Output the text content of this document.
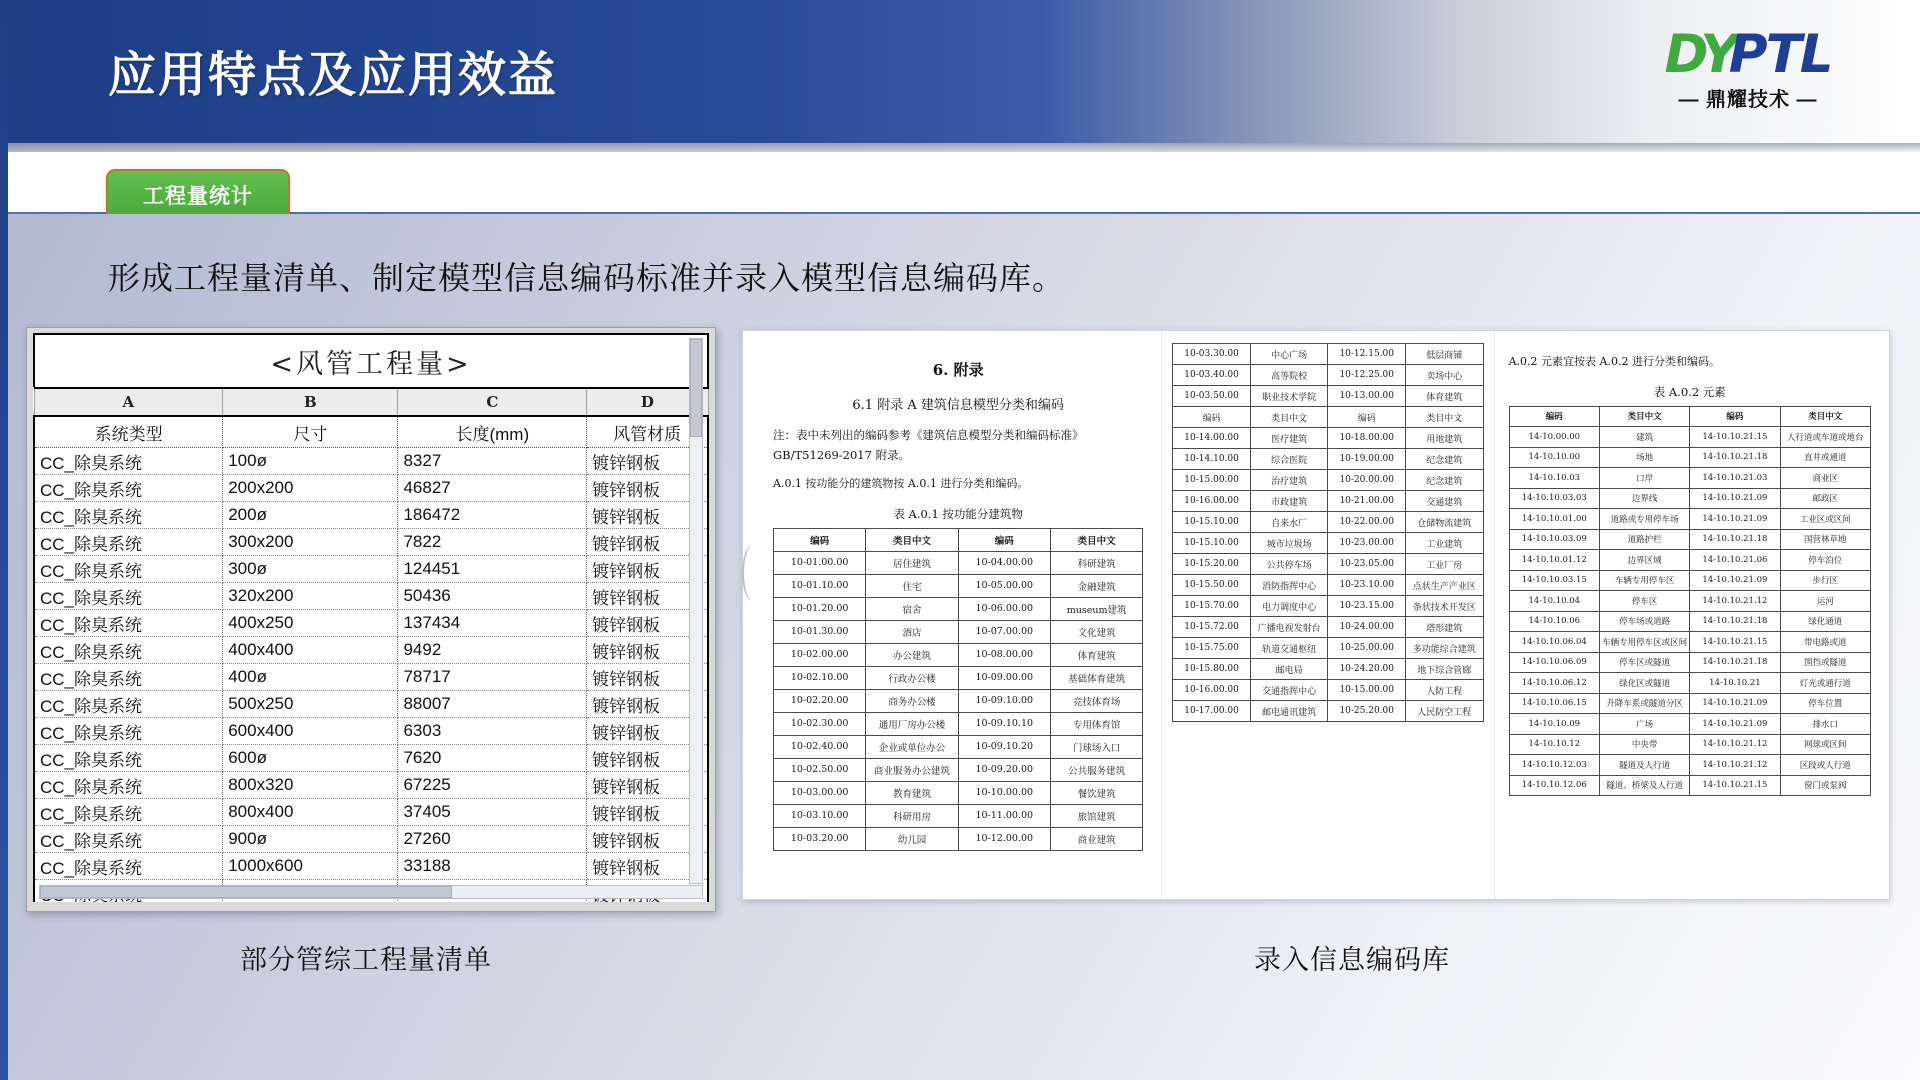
应用特点及应用效益	DY
PTL
— 鼎耀技术 —
工程量统计
形成工程量清单、制定模型信息编码标准并录入模型信息编码库。
<风管工程量>
A	B	C	D
系统类型	尺寸	长度(mm)	风管材质
CC_除臭系统	100ø	8327	镀锌钢板
CC_除臭系统	200x200	46827	镀锌钢板
CC_除臭系统	200ø	186472	镀锌钢板
CC_除臭系统	300x200	7822	镀锌钢板
CC_除臭系统	300ø	124451	镀锌钢板
CC_除臭系统	320x200	50436	镀锌钢板
CC_除臭系统	400x250	137434	镀锌钢板
CC_除臭系统	400x400	9492	镀锌钢板
CC_除臭系统	400ø	78717	镀锌钢板
CC_除臭系统	500x250	88007	镀锌钢板
CC_除臭系统	600x400	6303	镀锌钢板
CC_除臭系统	600ø	7620	镀锌钢板
CC_除臭系统	800x320	67225	镀锌钢板
CC_除臭系统	800x400	37405	镀锌钢板
CC_除臭系统	900ø	27260	镀锌钢板
CC_除臭系统	1000x600	33188	镀锌钢板

6. 附录
6.1 附录 A 建筑信息模型分类和编码
注：表中未列出的编码参考《建筑信息模型分类和编码标准》GB/T51269-2017 附录。
A.0.1 按功能分的建筑物按 A.0.1 进行分类和编码。
表 A.0.1 按功能分建筑物
编码	类目中文	编码	类目中文
10-01.00.00	居住建筑	10-04.00.00	科研建筑
10-01.10.00	住宅	10-05.00.00	金融建筑
10-01.20.00	宿舍	10-06.00.00	museum建筑
10-01.30.00	酒店	10-07.00.00	文化建筑
10-02.00.00	办公建筑	10-08.00.00	体育建筑
10-02.10.00	行政办公楼	10-09.00.00	基础体育建筑
10-02.20.00	商务办公楼	10-09.10.00	竞技体育场
10-02.30.00	通用厂房办公楼	10-09.10.10	专用体育馆
10-02.40.00	企业或单位办公	10-09.10.20	门球场入口
10-02.50.00	商业服务办公建筑	10-09.20.00	公共服务建筑
10-03.00.00	教育建筑	10-10.00.00	餐饮建筑
10-03.10.00	科研用房	10-11.00.00	旅馆建筑
10-03.20.00	幼儿园	10-12.00.00	商业建筑
10-03.30.00	中心广场	10-12.15.00	低层商铺
10-03.40.00	高等院校	10-12.25.00	卖场中心
10-03.50.00	职业技术学院	10-13.00.00	体育建筑
编码	类目中文	编码	类目中文
10-14.00.00	医疗建筑	10-18.00.00	用地建筑
10-14.10.00	综合医院	10-19.00.00	纪念建筑
10-15.00.00	治疗建筑	10-20.00.00	纪念建筑
10-16.00.00	市政建筑	10-21.00.00	交通建筑
10-15.10.00	自来水厂	10-22.00.00	仓储物流建筑
10-15.10.00	城市垃圾场	10-23.00.00	工业建筑
10-15.20.00	公共停车场	10-23.05.00	工业厂房
10-15.50.00	消防指挥中心	10-23.10.00	点状生产产业区
10-15.70.00	电力调度中心	10-23.15.00	条状技术开发区
10-15.72.00	广播电视发射台	10-24.00.00	塔形建筑
10-15.75.00	轨道交通枢纽	10-25.00.00	多功能综合建筑
10-15.80.00	邮电局	10-24.20.00	地下综合管廊
10-16.00.00	交通指挥中心	10-15.00.00	人防工程
10-17.00.00	邮电通讯建筑	10-25.20.00	人民防空工程
A.0.2 元素宜按表 A.0.2 进行分类和编码。
表 A.0.2 元素
编码	类目中文	编码	类目中文
14-10.00.00	建筑	14-10.10.21.15	人行道或车道或地台
14-10.10.00	场地	14-10.10.21.18	直井或通道
14-10.10.03	口岸	14-10.10.21.03	商业区
14-10.10.03.03	边界线	14-10.10.21.09	邮政区
14-10.10.01.00	道路或专用停车场	14-10.10.21.09	工业区或区间
14-10.10.03.09	道路护栏	14-10.10.21.18	国营林草地
14-10.10.01.12	边界区域	14-10.10.21.06	停车泊位
14-10.10.03.15	车辆专用停车区	14-10.10.21.09	步行区
14-10.10.04	停车区	14-10.10.21.12	运河
14-10.10.06	停车场或道路	14-10.10.21.18	绿化通道
14-10.10.06.04	车辆专用停车区或区间	14-10.10.21.15	带电路或道
14-10.10.06.09	停车区或隧道	14-10.10.21.18	围挡或隧道
14-10.10.06.12	绿化区或隧道	14-10.10.21	灯光或通行道
14-10.10.06.15	升降车系或隧道分区	14-10.10.21.09	停车位置
14-10.10.09	广场	14-10.10.21.09	排水口
14-10.10.12	中央带	14-10.10.21.12	网球或区间
14-10.10.12.03	隧道及人行道	14-10.10.21.12	区段或人行道
14-10.10.12.06	隧道、桥梁及人行道	14-10.10.21.15	窗门或泵阀
部分管综工程量清单	录入信息编码库
